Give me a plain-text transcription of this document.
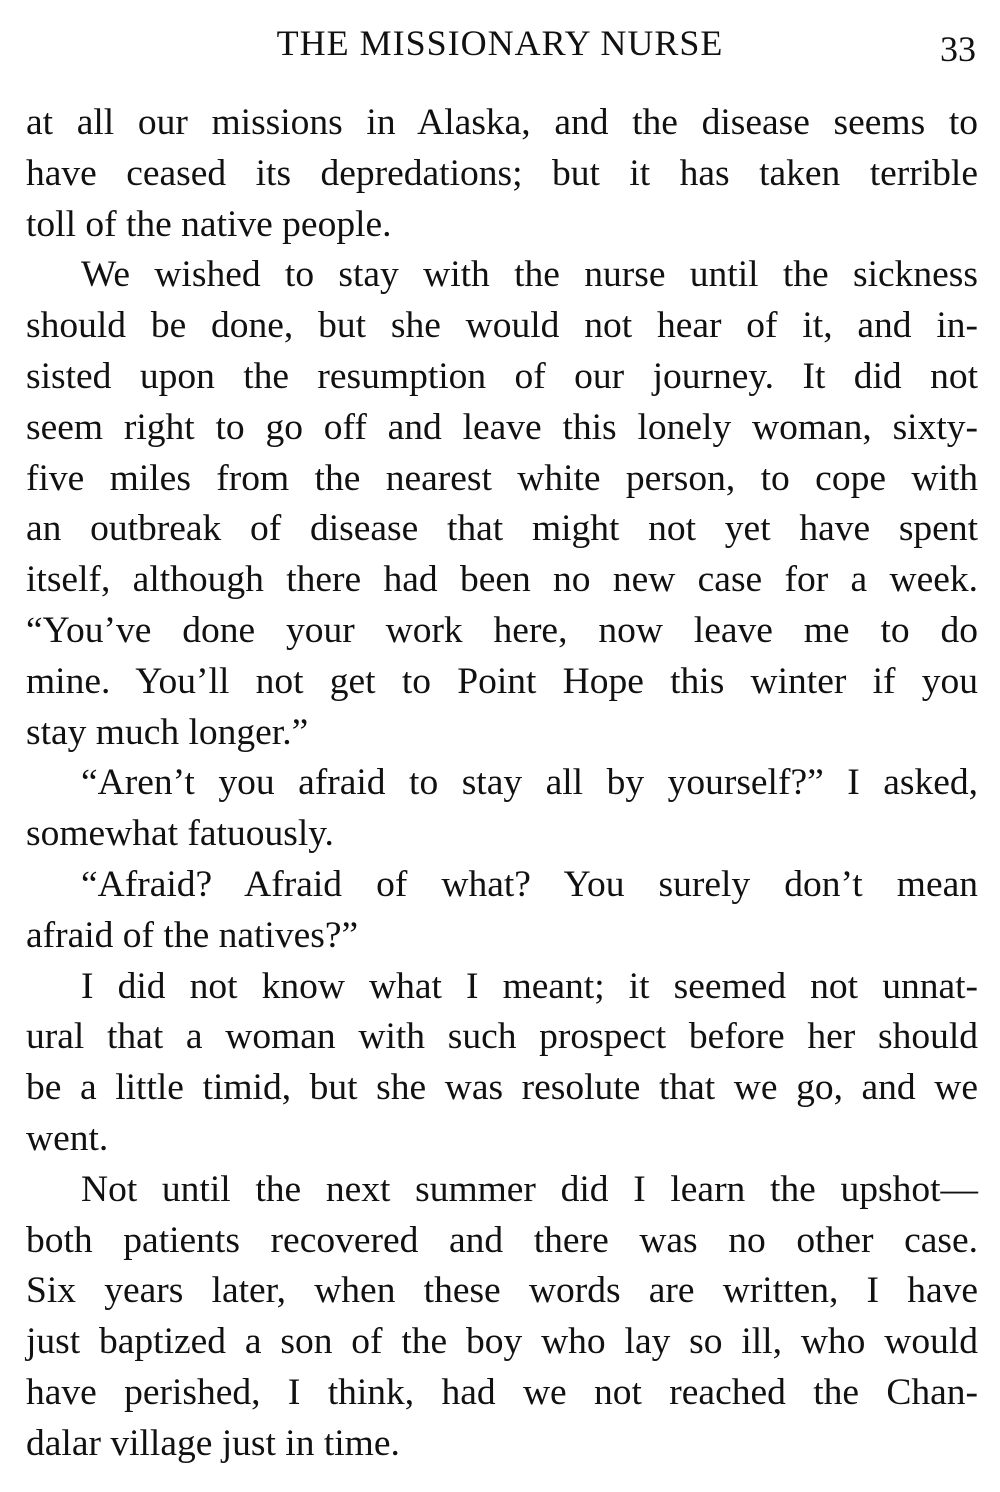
THE MISSIONARY NURSE	33
at all our missions in Alaska, and the disease seems to
have ceased its depredations; but it has taken terrible
toll of the native people.
We wished to stay with the nurse until the sickness
should be done, but she would not hear of it, and in-
sisted upon the resumption of our journey. It did not
seem right to go off and leave this lonely woman, sixty-
five miles from the nearest white person, to cope with
an outbreak of disease that might not yet have spent
itself, although there had been no new case for a week.
“You’ve done your work here, now leave me to do
mine. You’ll not get to Point Hope this winter if you
stay much longer.”
“Aren’t you afraid to stay all by yourself?” I asked,
somewhat fatuously.
“Afraid? Afraid of what? You surely don’t mean
afraid of the natives?”
I did not know what I meant; it seemed not unnat-
ural that a woman with such prospect before her should
be a little timid, but she was resolute that we go, and we
went.
Not until the next summer did I learn the upshot—
both patients recovered and there was no other case.
Six years later, when these words are written, I have
just baptized a son of the boy who lay so ill, who would
have perished, I think, had we not reached the Chan-
dalar village just in time.
